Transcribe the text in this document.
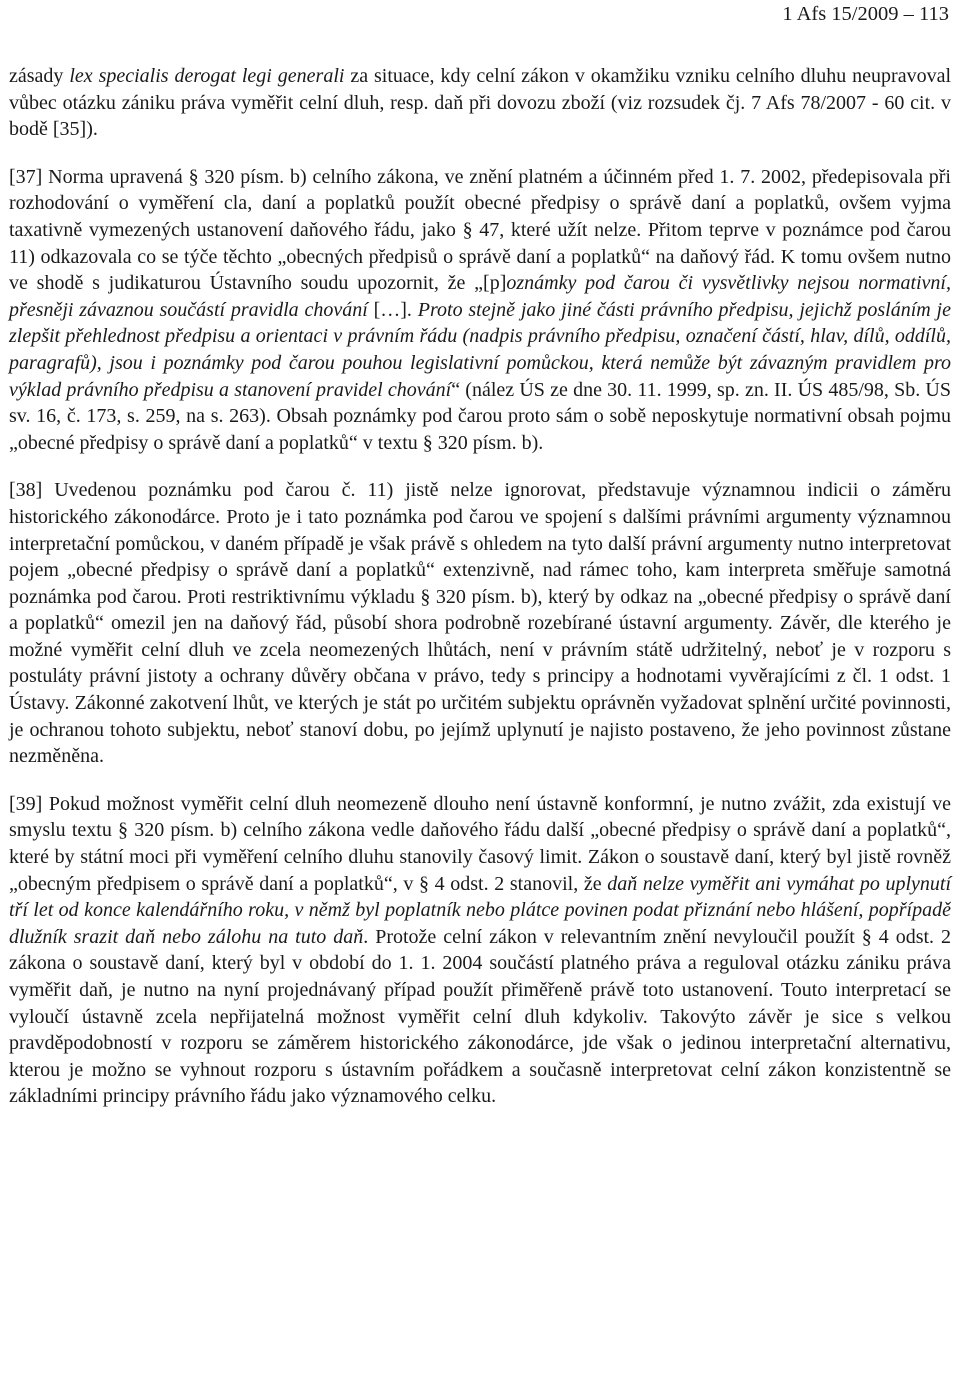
1 Afs 15/2009 – 113

zásady lex specialis derogat legi generali za situace, kdy celní zákon v okamžiku vzniku celního dluhu neupravoval vůbec otázku zániku práva vyměřit celní dluh, resp. daň při dovozu zboží (viz rozsudek čj. 7 Afs 78/2007 - 60 cit. v bodě [35]).

[37] Norma upravená § 320 písm. b) celního zákona, ve znění platném a účinném před 1. 7. 2002, předepisovala při rozhodování o vyměření cla, daní a poplatků použít obecné předpisy o správě daní a poplatků, ovšem vyjma taxativně vymezených ustanovení daňového řádu, jako § 47, které užít nelze. Přitom teprve v poznámce pod čarou 11) odkazovala co se týče těchto „obecných předpisů o správě daní a poplatků“ na daňový řád. K tomu ovšem nutno ve shodě s judikaturou Ústavního soudu upozornit, že „[p]oznámky pod čarou či vysvětlivky nejsou normativní, přesněji závaznou součástí pravidla chování […]. Proto stejně jako jiné části právního předpisu, jejichž posláním je zlepšit přehlednost předpisu a orientaci v právním řádu (nadpis právního předpisu, označení částí, hlav, dílů, oddílů, paragrafů), jsou i poznámky pod čarou pouhou legislativní pomůckou, která nemůže být závazným pravidlem pro výklad právního předpisu a stanovení pravidel chování“ (nález ÚS ze dne 30. 11. 1999, sp. zn. II. ÚS 485/98, Sb. ÚS sv. 16, č. 173, s. 259, na s. 263). Obsah poznámky pod čarou proto sám o sobě neposkytuje normativní obsah pojmu „obecné předpisy o správě daní a poplatků“ v textu § 320 písm. b).

[38] Uvedenou poznámku pod čarou č. 11) jistě nelze ignorovat, představuje významnou indicii o záměru historického zákonodárce. Proto je i tato poznámka pod čarou ve spojení s dalšími právními argumenty významnou interpretační pomůckou, v daném případě je však právě s ohledem na tyto další právní argumenty nutno interpretovat pojem „obecné předpisy o správě daní a poplatků“ extenzivně, nad rámec toho, kam interpreta směřuje samotná poznámka pod čarou. Proti restriktivnímu výkladu § 320 písm. b), který by odkaz na „obecné předpisy o správě daní a poplatků“ omezil jen na daňový řád, působí shora podrobně rozebírané ústavní argumenty. Závěr, dle kterého je možné vyměřit celní dluh ve zcela neomezených lhůtách, není v právním státě udržitelný, neboť je v rozporu s postuláty právní jistoty a ochrany důvěry občana v právo, tedy s principy a hodnotami vyvěrajícími z čl. 1 odst. 1 Ústavy. Zákonné zakotvení lhůt, ve kterých je stát po určitém subjektu oprávněn vyžadovat splnění určité povinnosti, je ochranou tohoto subjektu, neboť stanoví dobu, po jejímž uplynutí je najisto postaveno, že jeho povinnost zůstane nezměněna.

[39] Pokud možnost vyměřit celní dluh neomezeně dlouho není ústavně konformní, je nutno zvážit, zda existují ve smyslu textu § 320 písm. b) celního zákona vedle daňového řádu další „obecné předpisy o správě daní a poplatků“, které by státní moci při vyměření celního dluhu stanovily časový limit. Zákon o soustavě daní, který byl jistě rovněž „obecným předpisem o správě daní a poplatků“, v § 4 odst. 2 stanovil, že daň nelze vyměřit ani vymáhat po uplynutí tří let od konce kalendářního roku, v němž byl poplatník nebo plátce povinen podat přiznání nebo hlášení, popřípadě dlužník srazit daň nebo zálohu na tuto daň. Protože celní zákon v relevantním znění nevyloučil použít § 4 odst. 2 zákona o soustavě daní, který byl v období do 1. 1. 2004 součástí platného práva a reguloval otázku zániku práva vyměřit daň, je nutno na nyní projednávaný případ použít přiměřeně právě toto ustanovení. Touto interpretací se vyloučí ústavně zcela nepřijatelná možnost vyměřit celní dluh kdykoliv. Takovýto závěr je sice s velkou pravděpodobností v rozporu se záměrem historického zákonodárce, jde však o jedinou interpretační alternativu, kterou je možno se vyhnout rozporu s ústavním pořádkem a současně interpretovat celní zákon konzistentně se základními principy právního řádu jako významového celku.
